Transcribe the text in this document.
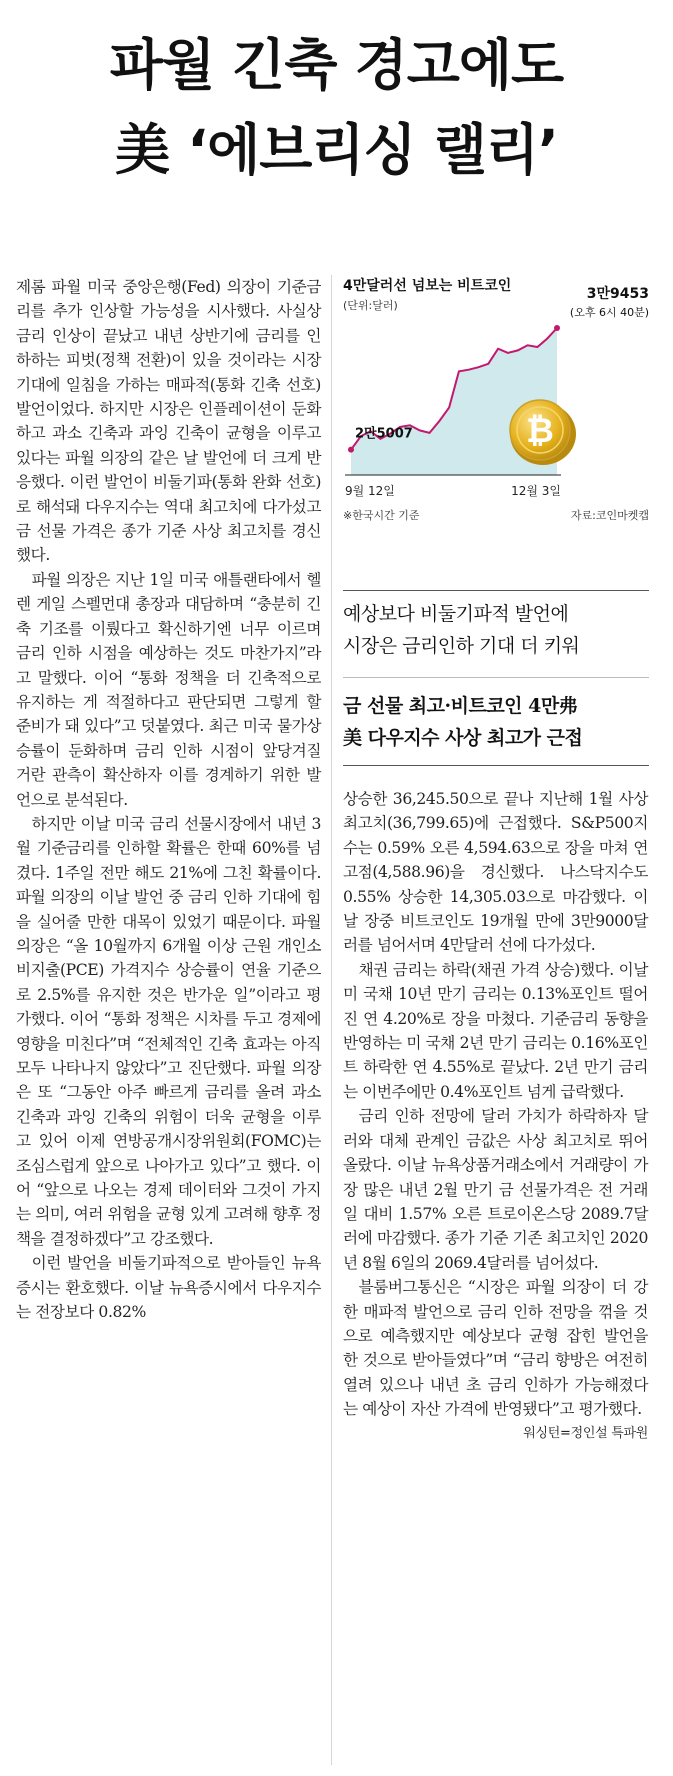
파월 긴축 경고에도
美 ‘에브리싱 랠리’

제롬 파월 미국 중앙은행(Fed) 의장이 기준금리를 추가 인상할 가능성을 시사했다. 사실상 금리 인상이 끝났고 내년 상반기에 금리를 인하하는 피벗(정책 전환)이 있을 것이라는 시장 기대에 일침을 가하는 매파적(통화 긴축 선호) 발언이었다. 하지만 시장은 인플레이션이 둔화하고 과소 긴축과 과잉 긴축이 균형을 이루고 있다는 파월 의장의 같은 날 발언에 더 크게 반응했다. 이런 발언이 비둘기파(통화 완화 선호)로 해석돼 다우지수는 역대 최고치에 다가섰고 금 선물 가격은 종가 기준 사상 최고치를 경신했다.

파월 의장은 지난 1일 미국 애틀랜타에서 헬렌 게일 스펠먼대 총장과 대담하며 “충분히 긴축 기조를 이뤘다고 확신하기엔 너무 이르며 금리 인하 시점을 예상하는 것도 마찬가지”라고 말했다. 이어 “통화 정책을 더 긴축적으로 유지하는 게 적절하다고 판단되면 그렇게 할 준비가 돼 있다”고 덧붙였다. 최근 미국 물가상승률이 둔화하며 금리 인하 시점이 앞당겨질 거란 관측이 확산하자 이를 경계하기 위한 발언으로 분석된다.

하지만 이날 미국 금리 선물시장에서 내년 3월 기준금리를 인하할 확률은 한때 60%를 넘겼다. 1주일 전만 해도 21%에 그친 확률이다. 파월 의장의 이날 발언 중 금리 인하 기대에 힘을 실어줄 만한 대목이 있었기 때문이다. 파월 의장은 “올 10월까지 6개월 이상 근원 개인소비지출(PCE) 가격지수 상승률이 연율 기준으로 2.5%를 유지한 것은 반가운 일”이라고 평가했다. 이어 “통화 정책은 시차를 두고 경제에 영향을 미친다”며 “전체적인 긴축 효과는 아직 모두 나타나지 않았다”고 진단했다. 파월 의장은 또 “그동안 아주 빠르게 금리를 올려 과소 긴축과 과잉 긴축의 위험이 더욱 균형을 이루고 있어 이제 연방공개시장위원회(FOMC)는 조심스럽게 앞으로 나아가고 있다”고 했다. 이어 “앞으로 나오는 경제 데이터와 그것이 가지는 의미, 여러 위험을 균형 있게 고려해 향후 정책을 결정하겠다”고 강조했다.

이런 발언을 비둘기파적으로 받아들인 뉴욕증시는 환호했다. 이날 뉴욕증시에서 다우지수는 전장보다 0.82%

₿
9월 12일	12월 3일
2만5007
3만9453
(오후 6시 40분)
4만달러선 넘보는 비트코인
(단위:달러)
※한국시간 기준	자료:코인마켓캡
예상보다 비둘기파적 발언에
시장은 금리인하 기대 더 키워
금 선물 최고·비트코인 4만弗
美 다우지수 사상 최고가 근접

상승한 36,245.50으로 끝나 지난해 1월 사상 최고치(36,799.65)에 근접했다. S&P500지수는 0.59% 오른 4,594.63으로 장을 마쳐 연고점(4,588.96)을 경신했다. 나스닥지수도 0.55% 상승한 14,305.03으로 마감했다. 이날 장중 비트코인도 19개월 만에 3만9000달러를 넘어서며 4만달러 선에 다가섰다.

채권 금리는 하락(채권 가격 상승)했다. 이날 미 국채 10년 만기 금리는 0.13%포인트 떨어진 연 4.20%로 장을 마쳤다. 기준금리 동향을 반영하는 미 국채 2년 만기 금리는 0.16%포인트 하락한 연 4.55%로 끝났다. 2년 만기 금리는 이번주에만 0.4%포인트 넘게 급락했다.

금리 인하 전망에 달러 가치가 하락하자 달러와 대체 관계인 금값은 사상 최고치로 뛰어올랐다. 이날 뉴욕상품거래소에서 거래량이 가장 많은 내년 2월 만기 금 선물가격은 전 거래일 대비 1.57% 오른 트로이온스당 2089.7달러에 마감했다. 종가 기준 기존 최고치인 2020년 8월 6일의 2069.4달러를 넘어섰다.

블룸버그통신은 “시장은 파월 의장이 더 강한 매파적 발언으로 금리 인하 전망을 꺾을 것으로 예측했지만 예상보다 균형 잡힌 발언을 한 것으로 받아들였다”며 “금리 향방은 여전히 열려 있으나 내년 초 금리 인하가 가능해졌다는 예상이 자산 가격에 반영됐다”고 평가했다.
워싱턴=정인설 특파원
